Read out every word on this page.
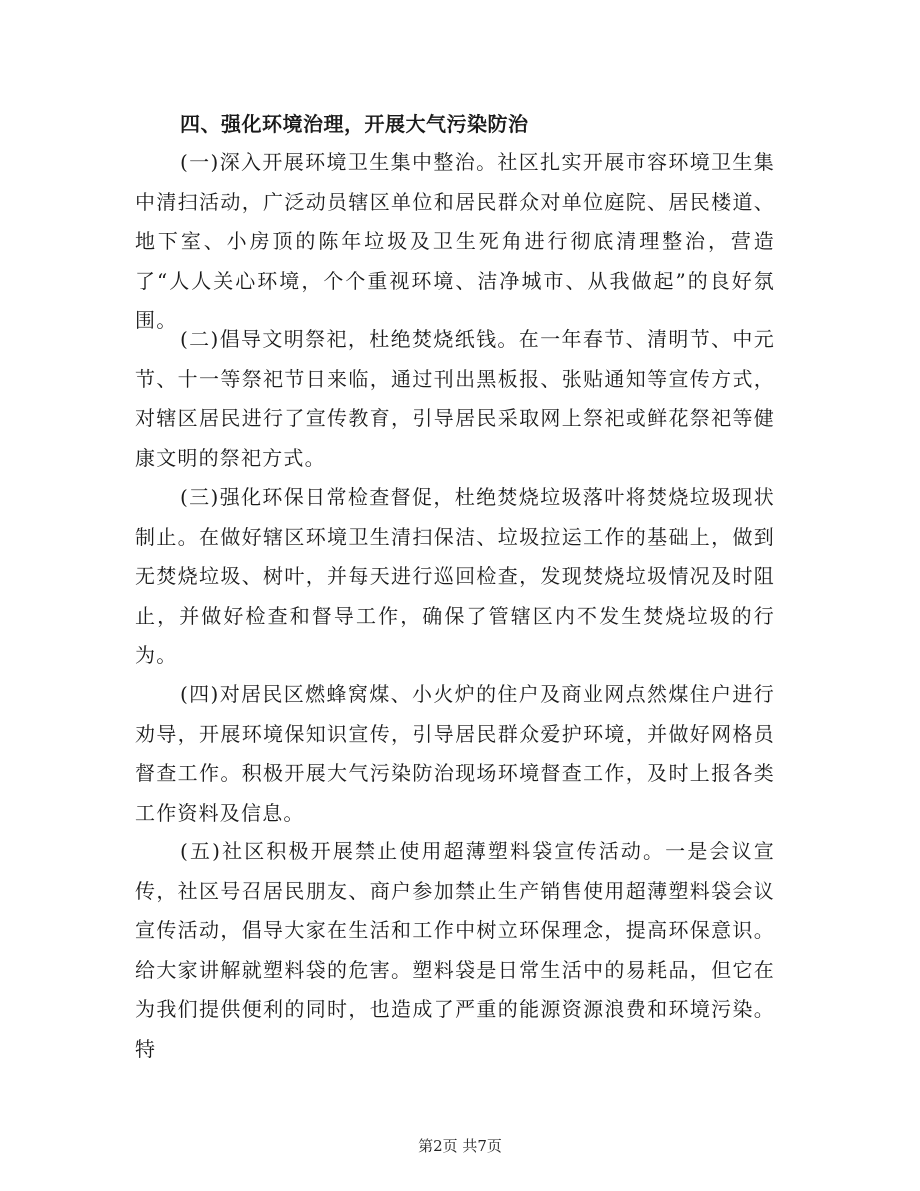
四、强化环境治理，开展大气污染防治

(一)深入开展环境卫生集中整治。社区扎实开展市容环境卫生集中清扫活动，广泛动员辖区单位和居民群众对单位庭院、居民楼道、地下室、小房顶的陈年垃圾及卫生死角进行彻底清理整治，营造了“人人关心环境，个个重视环境、洁净城市、从我做起”的良好氛围。

(二)倡导文明祭祀，杜绝焚烧纸钱。在一年春节、清明节、中元节、十一等祭祀节日来临，通过刊出黑板报、张贴通知等宣传方式，对辖区居民进行了宣传教育，引导居民采取网上祭祀或鲜花祭祀等健康文明的祭祀方式。

(三)强化环保日常检查督促，杜绝焚烧垃圾落叶将焚烧垃圾现状制止。在做好辖区环境卫生清扫保洁、垃圾拉运工作的基础上，做到无焚烧垃圾、树叶，并每天进行巡回检查，发现焚烧垃圾情况及时阻止，并做好检查和督导工作，确保了管辖区内不发生焚烧垃圾的行为。

(四)对居民区燃蜂窝煤、小火炉的住户及商业网点然煤住户进行劝导，开展环境保知识宣传，引导居民群众爱护环境，并做好网格员督查工作。积极开展大气污染防治现场环境督查工作，及时上报各类工作资料及信息。

(五)社区积极开展禁止使用超薄塑料袋宣传活动。一是会议宣传，社区号召居民朋友、商户参加禁止生产销售使用超薄塑料袋会议宣传活动，倡导大家在生活和工作中树立环保理念，提高环保意识。给大家讲解就塑料袋的危害。塑料袋是日常生活中的易耗品，但它在为我们提供便利的同时，也造成了严重的能源资源浪费和环境污染。特

第2页 共7页
